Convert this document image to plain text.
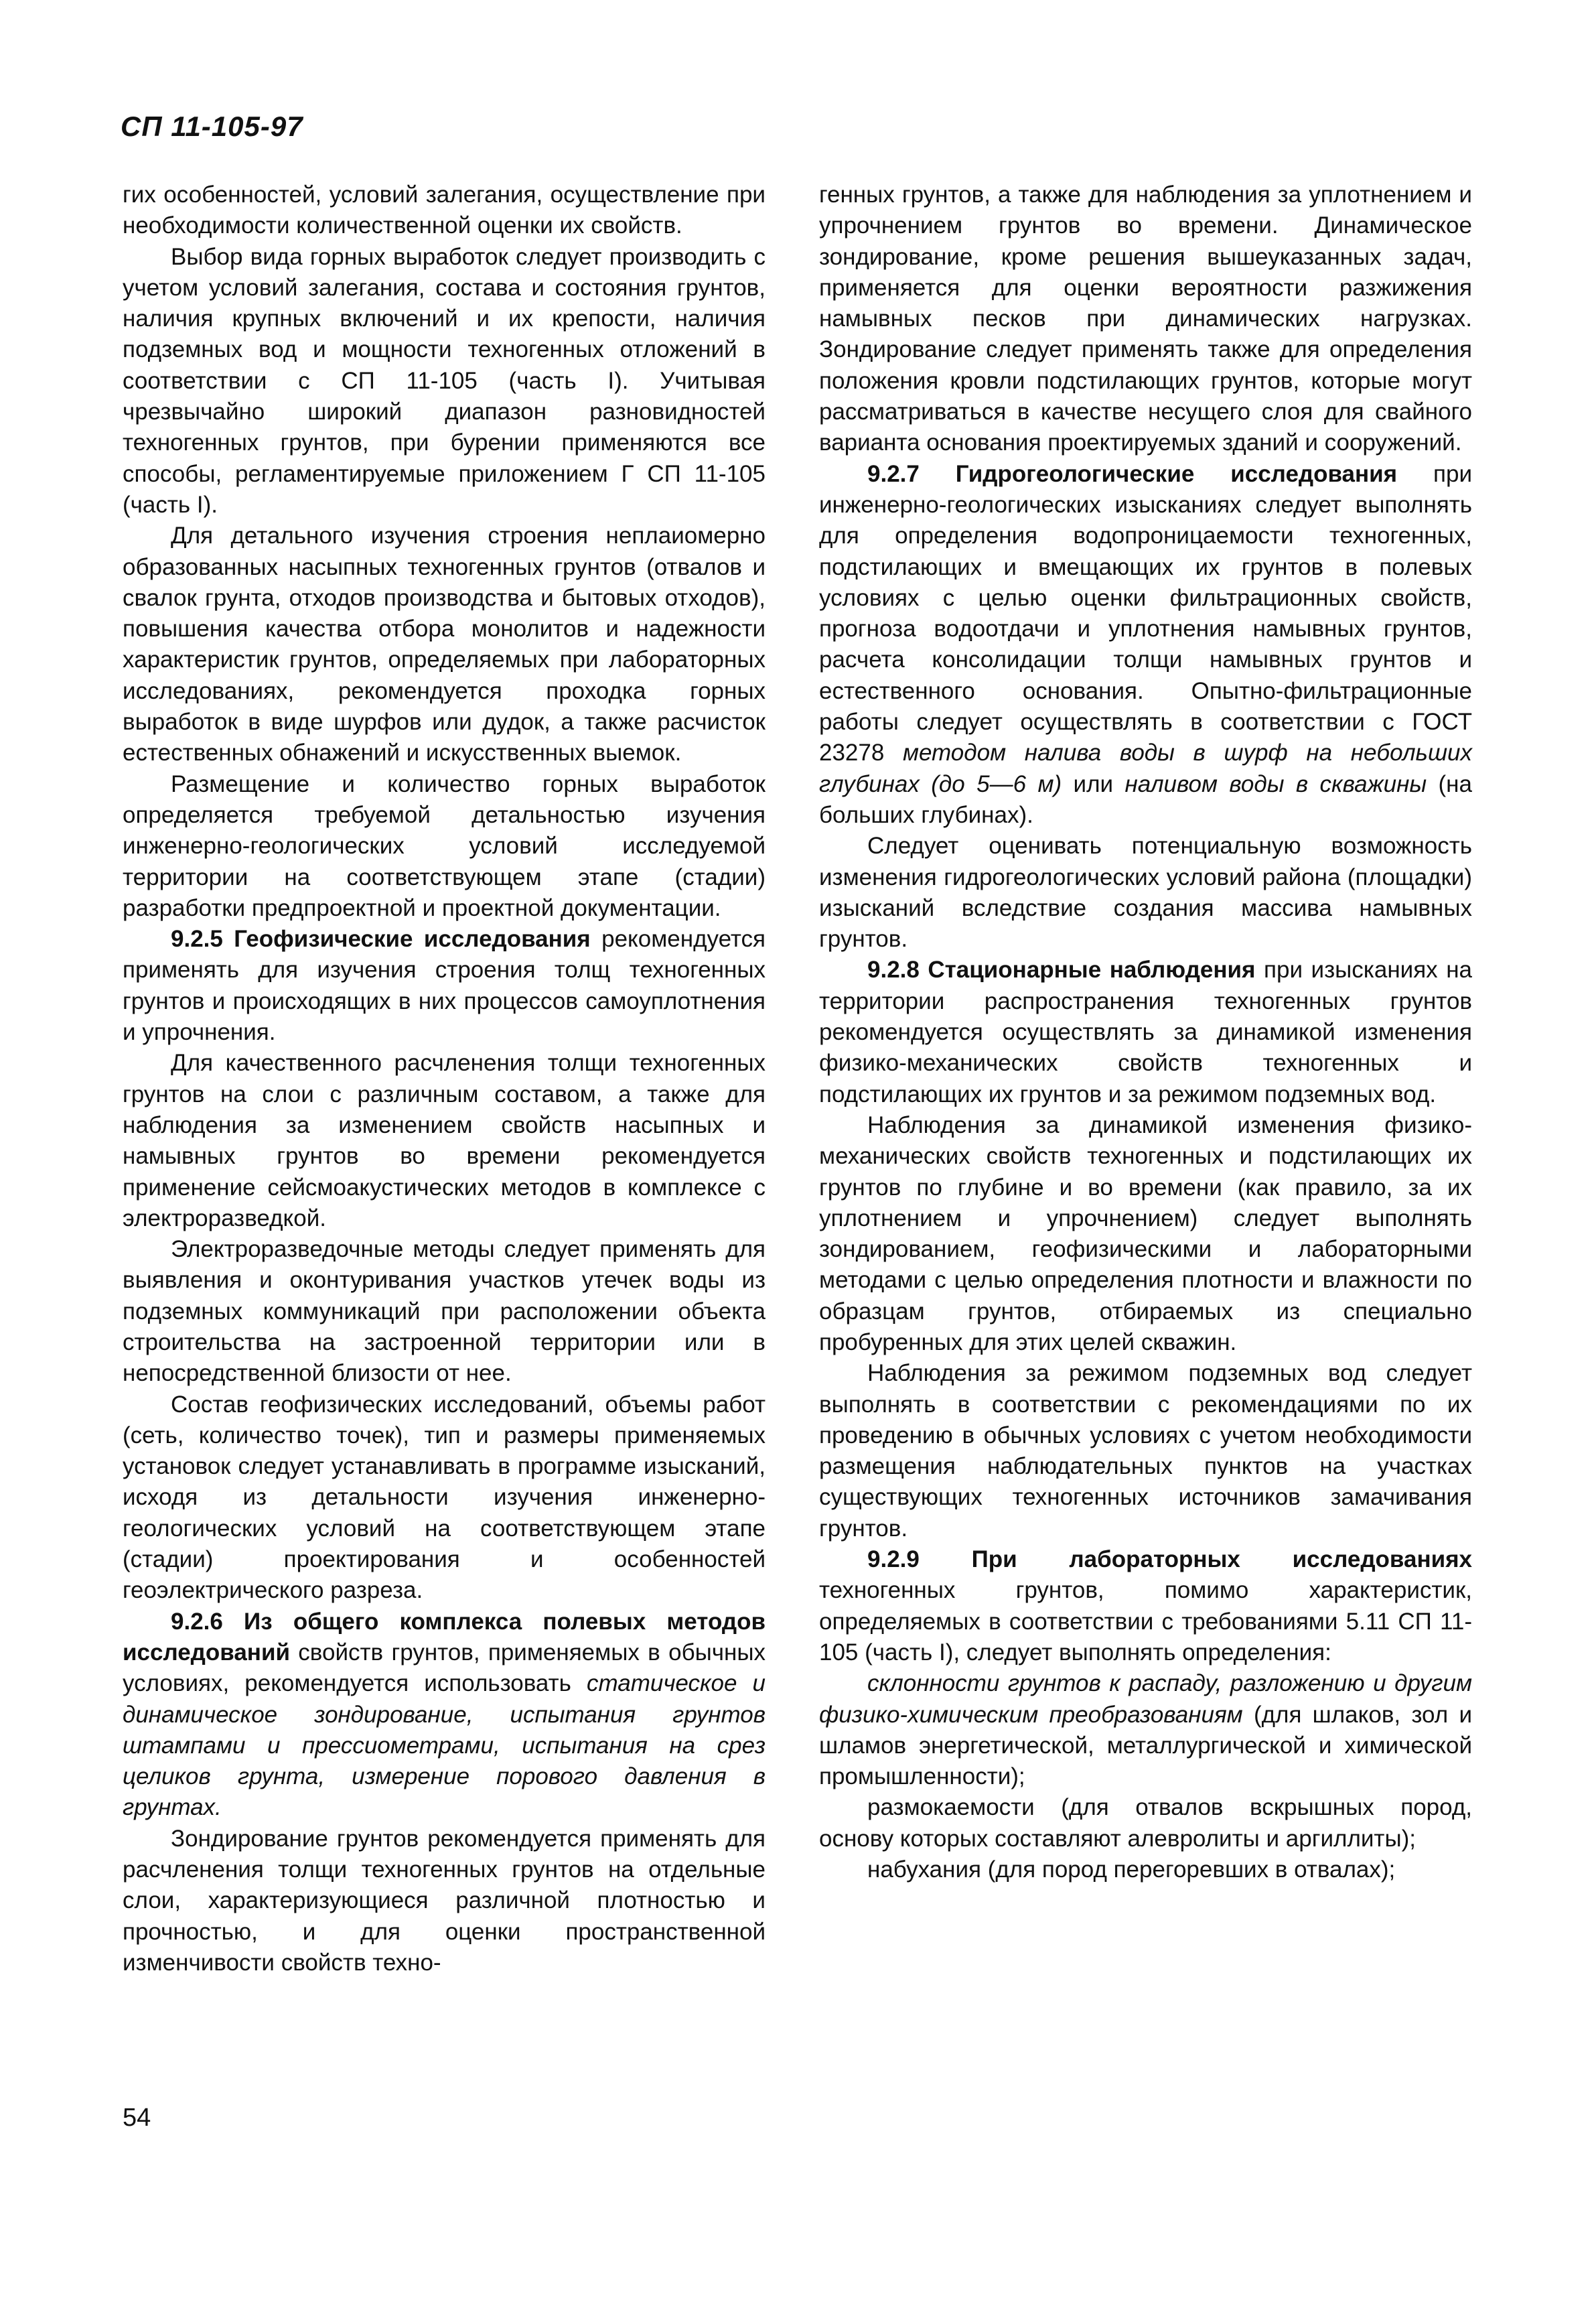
СП 11-105-97

гих особенностей, условий залегания, осуществление при необходимости количественной оценки их свойств.

Выбор вида горных выработок следует производить с учетом условий залегания, состава и состояния грунтов, наличия крупных включений и их крепости, наличия подземных вод и мощности техногенных отложений в соответствии с СП 11-105 (часть I). Учитывая чрезвычайно широкий диапазон разновидностей техногенных грунтов, при бурении применяются все способы, регламентируемые приложением Г СП 11-105 (часть I).

Для детального изучения строения неплаиомерно образованных насыпных техногенных грунтов (отвалов и свалок грунта, отходов производства и бытовых отходов), повышения качества отбора монолитов и надежности характеристик грунтов, определяемых при лабораторных исследованиях, рекомендуется проходка горных выработок в виде шурфов или дудок, а также расчисток естественных обнажений и искусственных выемок.

Размещение и количество горных выработок определяется требуемой детальностью изучения инженерно-геологических условий исследуемой территории на соответствующем этапе (стадии) разработки предпроектной и проектной документации.

9.2.5 Геофизические исследования рекомендуется применять для изучения строения толщ техногенных грунтов и происходящих в них процессов самоуплотнения и упрочнения.

Для качественного расчленения толщи техногенных грунтов на слои с различным составом, а также для наблюдения за изменением свойств насыпных и намывных грунтов во времени рекомендуется применение сейсмоакустических методов в комплексе с электроразведкой.

Электроразведочные методы следует применять для выявления и оконтуривания участков утечек воды из подземных коммуникаций при расположении объекта строительства на застроенной территории или в непосредственной близости от нее.

Состав геофизических исследований, объемы работ (сеть, количество точек), тип и размеры применяемых установок следует устанавливать в программе изысканий, исходя из детальности изучения инженерно-геологических условий на соответствующем этапе (стадии) проектирования и особенностей геоэлектрического разреза.

9.2.6 Из общего комплекса полевых методов исследований свойств грунтов, применяемых в обычных условиях, рекомендуется использовать статическое и динамическое зондирование, испытания грунтов штампами и прессиометрами, испытания на срез целиков грунта, измерение порового давления в грунтах.

Зондирование грунтов рекомендуется применять для расчленения толщи техногенных грунтов на отдельные слои, характеризующиеся различной плотностью и прочностью, и для оценки пространственной изменчивости свойств техно-

генных грунтов, а также для наблюдения за уплотнением и упрочнением грунтов во времени. Динамическое зондирование, кроме решения вышеуказанных задач, применяется для оценки вероятности разжижения намывных песков при динамических нагрузках. Зондирование следует применять также для определения положения кровли подстилающих грунтов, которые могут рассматриваться в качестве несущего слоя для свайного варианта основания проектируемых зданий и сооружений.

9.2.7 Гидрогеологические исследования при инженерно-геологических изысканиях следует выполнять для определения водопроницаемости техногенных, подстилающих и вмещающих их грунтов в полевых условиях с целью оценки фильтрационных свойств, прогноза водоотдачи и уплотнения намывных грунтов, расчета консолидации толщи намывных грунтов и естественного основания. Опытно-фильтрационные работы следует осуществлять в соответствии с ГОСТ 23278 методом налива воды в шурф на небольших глубинах (до 5—6 м) или наливом воды в скважины (на больших глубинах).

Следует оценивать потенциальную возможность изменения гидрогеологических условий района (площадки) изысканий вследствие создания массива намывных грунтов.

9.2.8 Стационарные наблюдения при изысканиях на территории распространения техногенных грунтов рекомендуется осуществлять за динамикой изменения физико-механических свойств техногенных и подстилающих их грунтов и за режимом подземных вод.

Наблюдения за динамикой изменения физико-механических свойств техногенных и подстилающих их грунтов по глубине и во времени (как правило, за их уплотнением и упрочнением) следует выполнять зондированием, геофизическими и лабораторными методами с целью определения плотности и влажности по образцам грунтов, отбираемых из специально пробуренных для этих целей скважин.

Наблюдения за режимом подземных вод следует выполнять в соответствии с рекомендациями по их проведению в обычных условиях с учетом необходимости размещения наблюдательных пунктов на участках существующих техногенных источников замачивания грунтов.

9.2.9 При лабораторных исследованиях техногенных грунтов, помимо характеристик, определяемых в соответствии с требованиями 5.11 СП 11-105 (часть I), следует выполнять определения:

склонности грунтов к распаду, разложению и другим физико-химическим преобразованиям (для шлаков, зол и шламов энергетической, металлургической и химической промышленности);

размокаемости (для отвалов вскрышных пород, основу которых составляют алевролиты и аргиллиты);

набухания (для пород перегоревших в отвалах);

54
